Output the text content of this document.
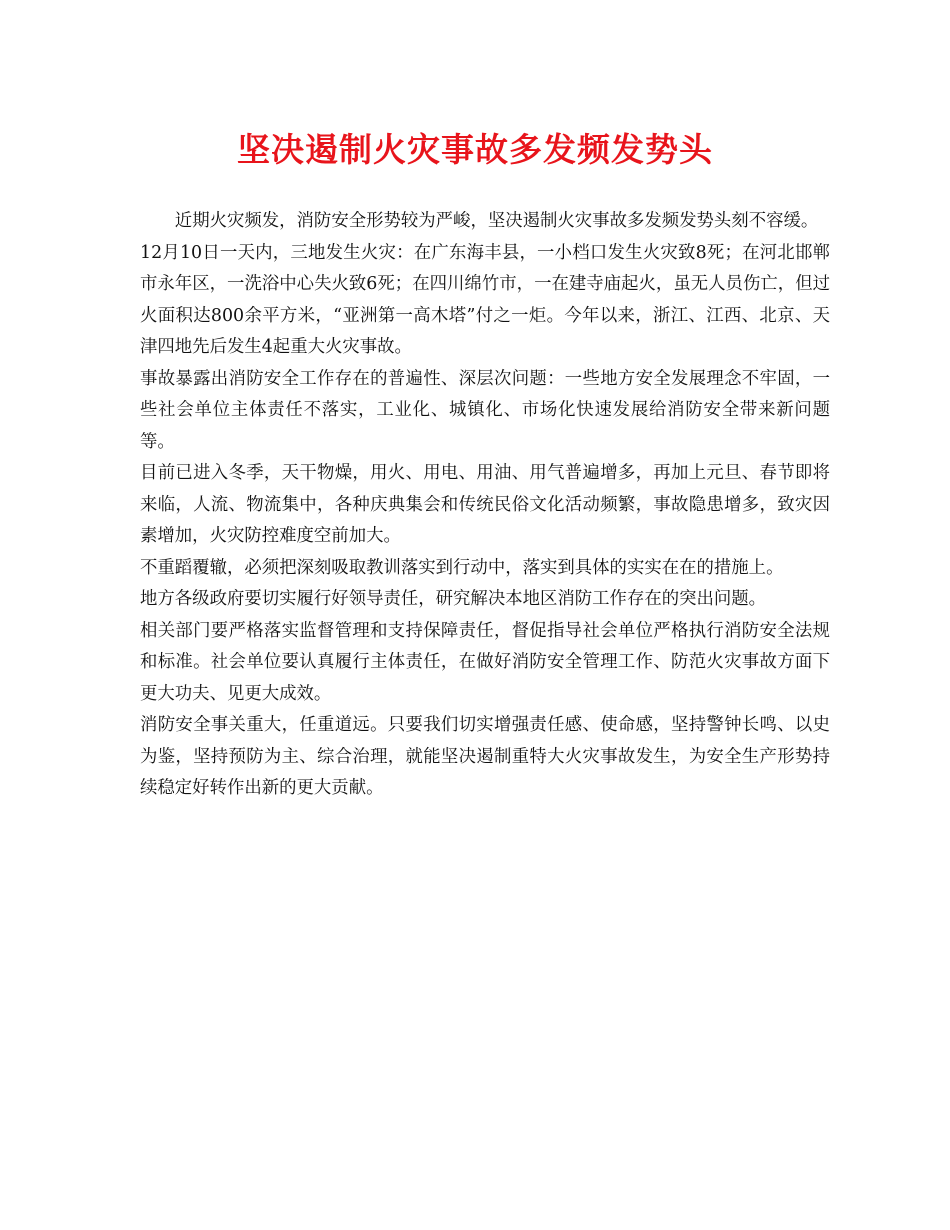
坚决遏制火灾事故多发频发势头

近期火灾频发，消防安全形势较为严峻，坚决遏制火灾事故多发频发势头刻不容缓。

12月10日一天内，三地发生火灾：在广东海丰县，一小档口发生火灾致8死；在河北邯郸市永年区，一洗浴中心失火致6死；在四川绵竹市，一在建寺庙起火，虽无人员伤亡，但过火面积达800余平方米，“亚洲第一高木塔”付之一炬。今年以来，浙江、江西、北京、天津四地先后发生4起重大火灾事故。

事故暴露出消防安全工作存在的普遍性、深层次问题：一些地方安全发展理念不牢固，一些社会单位主体责任不落实，工业化、城镇化、市场化快速发展给消防安全带来新问题等。

目前已进入冬季，天干物燥，用火、用电、用油、用气普遍增多，再加上元旦、春节即将来临，人流、物流集中，各种庆典集会和传统民俗文化活动频繁，事故隐患增多，致灾因素增加，火灾防控难度空前加大。

不重蹈覆辙，必须把深刻吸取教训落实到行动中，落实到具体的实实在在的措施上。

地方各级政府要切实履行好领导责任，研究解决本地区消防工作存在的突出问题。

相关部门要严格落实监督管理和支持保障责任，督促指导社会单位严格执行消防安全法规和标准。社会单位要认真履行主体责任，在做好消防安全管理工作、防范火灾事故方面下更大功夫、见更大成效。

消防安全事关重大，任重道远。只要我们切实增强责任感、使命感，坚持警钟长鸣、以史为鉴，坚持预防为主、综合治理，就能坚决遏制重特大火灾事故发生，为安全生产形势持续稳定好转作出新的更大贡献。
